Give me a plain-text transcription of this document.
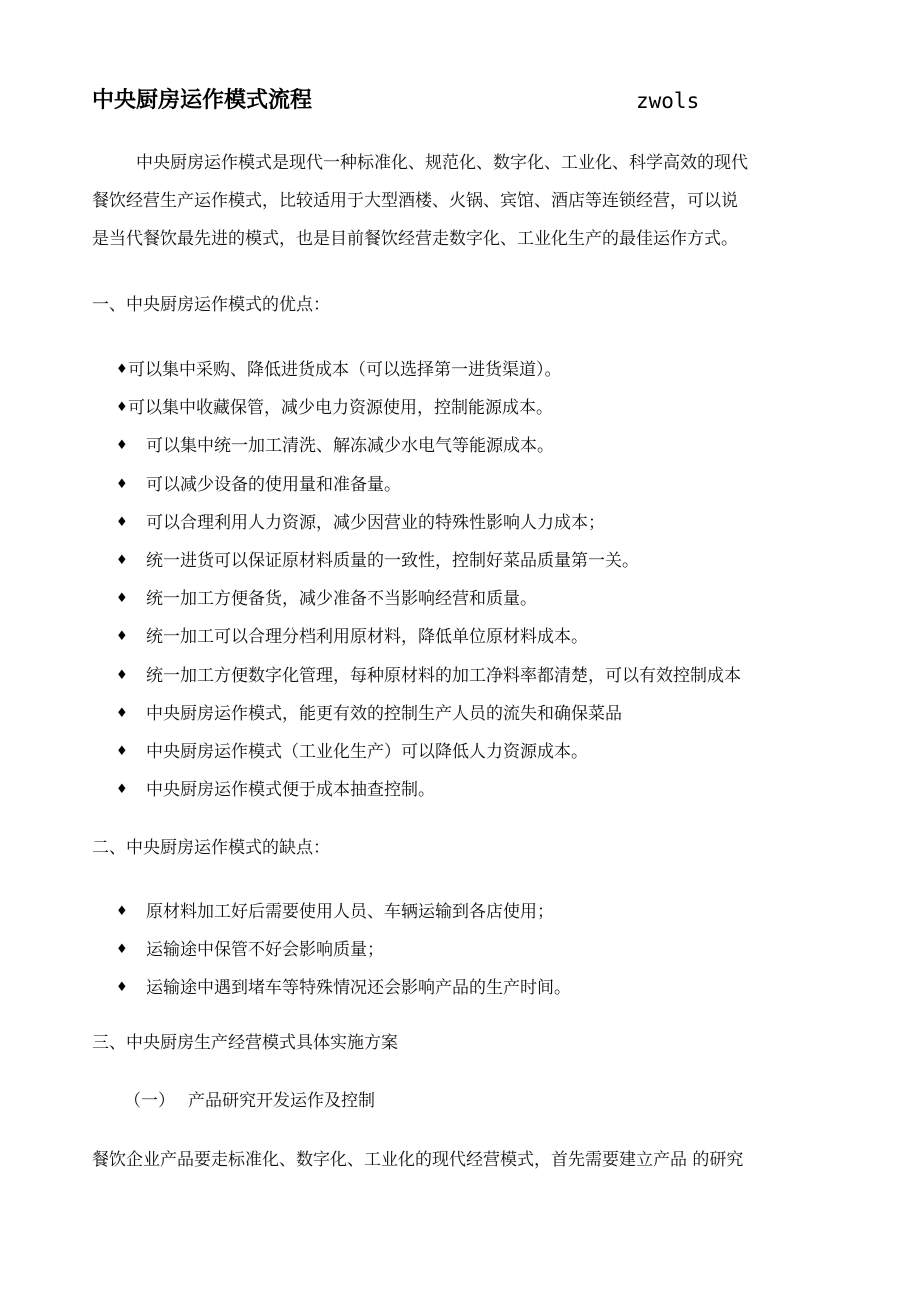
中央厨房运作模式流程	zwols
中央厨房运作模式是现代一种标准化、规范化、数字化、工业化、科学高效的现代
餐饮经营生产运作模式，比较适用于大型酒楼、火锅、宾馆、酒店等连锁经营，可以说
是当代餐饮最先进的模式，也是目前餐饮经营走数字化、工业化生产的最佳运作方式。
一、中央厨房运作模式的优点：
♦ 可以集中采购、降低进货成本（可以选择第一进货渠道）。
♦ 可以集中收藏保管，减少电力资源使用，控制能源成本。
♦	可以集中统一加工清洗、解冻减少水电气等能源成本。
♦	可以减少设备的使用量和准备量。
♦	可以合理利用人力资源，减少因营业的特殊性影响人力成本；
♦	统一进货可以保证原材料质量的一致性，控制好菜品质量第一关。
♦	统一加工方便备货，减少准备不当影响经营和质量。
♦	统一加工可以合理分档利用原材料，降低单位原材料成本。
♦	统一加工方便数字化管理，每种原材料的加工净料率都清楚，可以有效控制成本
♦	中央厨房运作模式，能更有效的控制生产人员的流失和确保菜品
♦	中央厨房运作模式（工业化生产）可以降低人力资源成本。
♦	中央厨房运作模式便于成本抽查控制。
二、中央厨房运作模式的缺点：
♦	原材料加工好后需要使用人员、车辆运输到各店使用；
♦	运输途中保管不好会影响质量；
♦	运输途中遇到堵车等特殊情况还会影响产品的生产时间。
三、中央厨房生产经营模式具体实施方案
（一） 产品研究开发运作及控制
餐饮企业产品要走标准化、数字化、工业化的现代经营模式，首先需要建立产品 的研究
